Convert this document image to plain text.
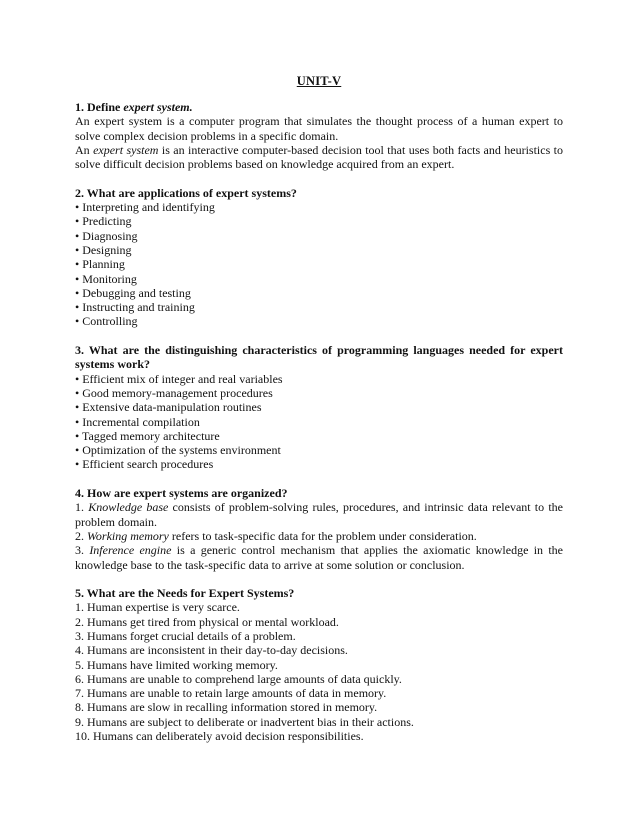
UNIT-V
1. Define expert system.
An expert system is a computer program that simulates the thought process of a human expert to solve complex decision problems in a specific domain.
An expert system is an interactive computer-based decision tool that uses both facts and heuristics to solve difficult decision problems based on knowledge acquired from an expert.
2. What are applications of expert systems?
• Interpreting and identifying
• Predicting
• Diagnosing
• Designing
• Planning
• Monitoring
• Debugging and testing
• Instructing and training
• Controlling
3. What are the distinguishing characteristics of programming languages needed for expert
systems work?
• Efficient mix of integer and real variables
• Good memory-management procedures
• Extensive data-manipulation routines
• Incremental compilation
• Tagged memory architecture
• Optimization of the systems environment
• Efficient search procedures
4. How are expert systems are organized?
1. Knowledge base consists of problem-solving rules, procedures, and intrinsic data relevant to the problem domain.
2. Working memory refers to task-specific data for the problem under consideration.
3. Inference engine is a generic control mechanism that applies the axiomatic knowledge in the knowledge base to the task-specific data to arrive at some solution or conclusion.
5. What are the Needs for Expert Systems?
1. Human expertise is very scarce.
2. Humans get tired from physical or mental workload.
3. Humans forget crucial details of a problem.
4. Humans are inconsistent in their day-to-day decisions.
5. Humans have limited working memory.
6. Humans are unable to comprehend large amounts of data quickly.
7. Humans are unable to retain large amounts of data in memory.
8. Humans are slow in recalling information stored in memory.
9. Humans are subject to deliberate or inadvertent bias in their actions.
10. Humans can deliberately avoid decision responsibilities.
